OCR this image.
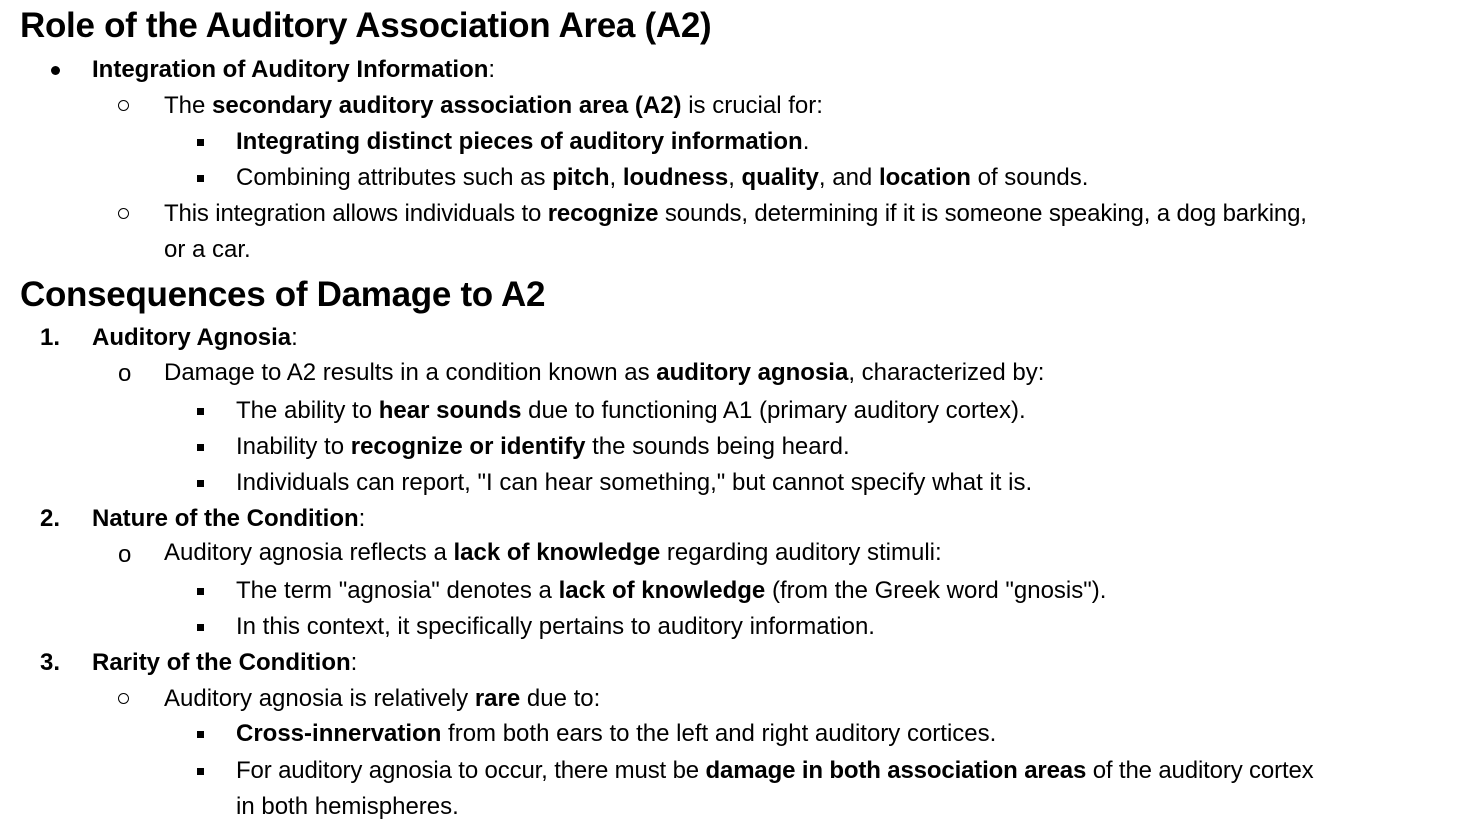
Role of the Auditory Association Area (A2)
Integration of Auditory Information:
The secondary auditory association area (A2) is crucial for:
Integrating distinct pieces of auditory information.
Combining attributes such as pitch, loudness, quality, and location of sounds.
This integration allows individuals to recognize sounds, determining if it is someone speaking, a dog barking,
or a car.
Consequences of Damage to A2
1. Auditory Agnosia:
o Damage to A2 results in a condition known as auditory agnosia, characterized by:
The ability to hear sounds due to functioning A1 (primary auditory cortex).
Inability to recognize or identify the sounds being heard.
Individuals can report, "I can hear something," but cannot specify what it is.
2. Nature of the Condition:
o Auditory agnosia reflects a lack of knowledge regarding auditory stimuli:
The term "agnosia" denotes a lack of knowledge (from the Greek word "gnosis").
In this context, it specifically pertains to auditory information.
3. Rarity of the Condition:
Auditory agnosia is relatively rare due to:
Cross-innervation from both ears to the left and right auditory cortices.
For auditory agnosia to occur, there must be damage in both association areas of the auditory cortex
in both hemispheres.
